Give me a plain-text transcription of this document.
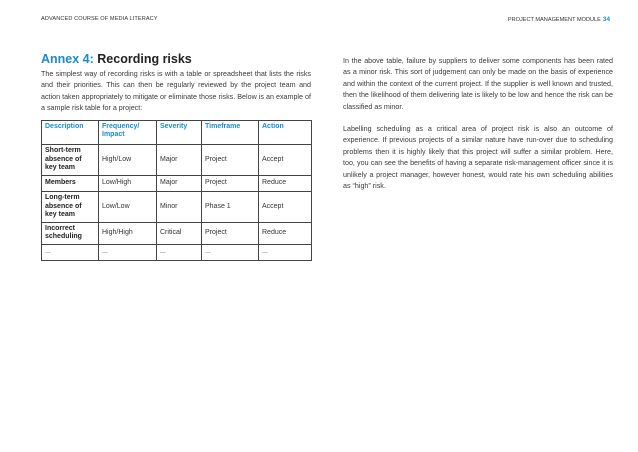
ADVANCED COURSE OF MEDIA LITERACY	PROJECT MANAGEMENT MODULE 34
Annex 4: Recording risks

The simplest way of recording risks is with a table or spreadsheet that lists the risks and their priorities. This can then be regularly reviewed by the project team and action taken appropriately to mitigate or eliminate those risks. Below is an example of a sample risk table for a project:

Description	Frequency/ Impact	Severity	Timeframe	Action
Short-term absence of key team	High/Low	Major	Project	Accept
Members	Low/High	Major	Project	Reduce
Long-term absence of key team	Low/Low	Minor	Phase 1	Accept
Incorrect scheduling	High/High	Critical	Project	Reduce
...	...	...	...	...

In the above table, failure by suppliers to deliver some components has been rated as a minor risk. This sort of judgement can only be made on the basis of experience and within the context of the current project. If the supplier is well known and trusted, then the likelihood of them delivering late is likely to be low and hence the risk can be classified as minor.

Labelling scheduling as a critical area of project risk is also an outcome of experience. If previous projects of a similar nature have run-over due to scheduling problems then it is highly likely that this project will suffer a similar problem. Here, too, you can see the benefits of having a separate risk-management officer since it is unlikely a project manager, however honest, would rate his own scheduling abilities as “high” risk.
